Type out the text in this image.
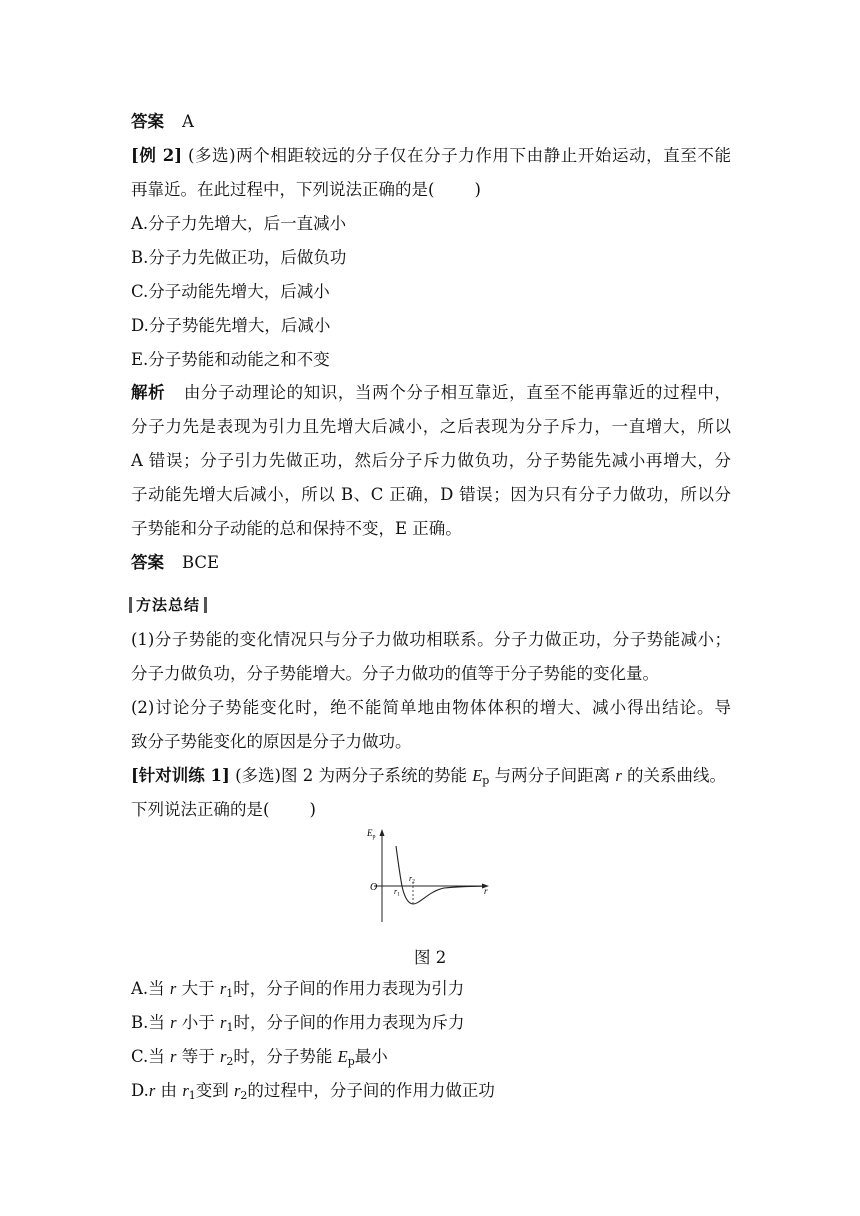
答案 A
[例 2] (多选)两个相距较远的分子仅在分子力作用下由静止开始运动，直至不能
再靠近。在此过程中，下列说法正确的是( )
A.分子力先增大，后一直减小
B.分子力先做正功，后做负功
C.分子动能先增大，后减小
D.分子势能先增大，后减小
E.分子势能和动能之和不变
解析 由分子动理论的知识，当两个分子相互靠近，直至不能再靠近的过程中，
分子力先是表现为引力且先增大后减小，之后表现为分子斥力，一直增大，所以
A 错误；分子引力先做正功，然后分子斥力做负功，分子势能先减小再增大，分
子动能先增大后减小，所以 B、C 正确，D 错误；因为只有分子力做功，所以分
子势能和分子动能的总和保持不变，E 正确。
答案 BCE
方法总结
(1)分子势能的变化情况只与分子力做功相联系。分子力做正功，分子势能减小；
分子力做负功，分子势能增大。分子力做功的值等于分子势能的变化量。
(2)讨论分子势能变化时，绝不能简单地由物体体积的增大、减小得出结论。导
致分子势能变化的原因是分子力做功。
[针对训练 1] (多选)图 2 为两分子系统的势能 $E_p$ 与两分子间距离 r 的关系曲线。
下列说法正确的是( )
$E_p$
O	r
r1
r2
图 2
A.当 r 大于 $r_1$时，分子间的作用力表现为引力
B.当 r 小于 $r_1$时，分子间的作用力表现为斥力
C.当 r 等于 $r_2$时，分子势能 $E_p$最小
D.r 由 $r_1$变到 $r_2$的过程中，分子间的作用力做正功
